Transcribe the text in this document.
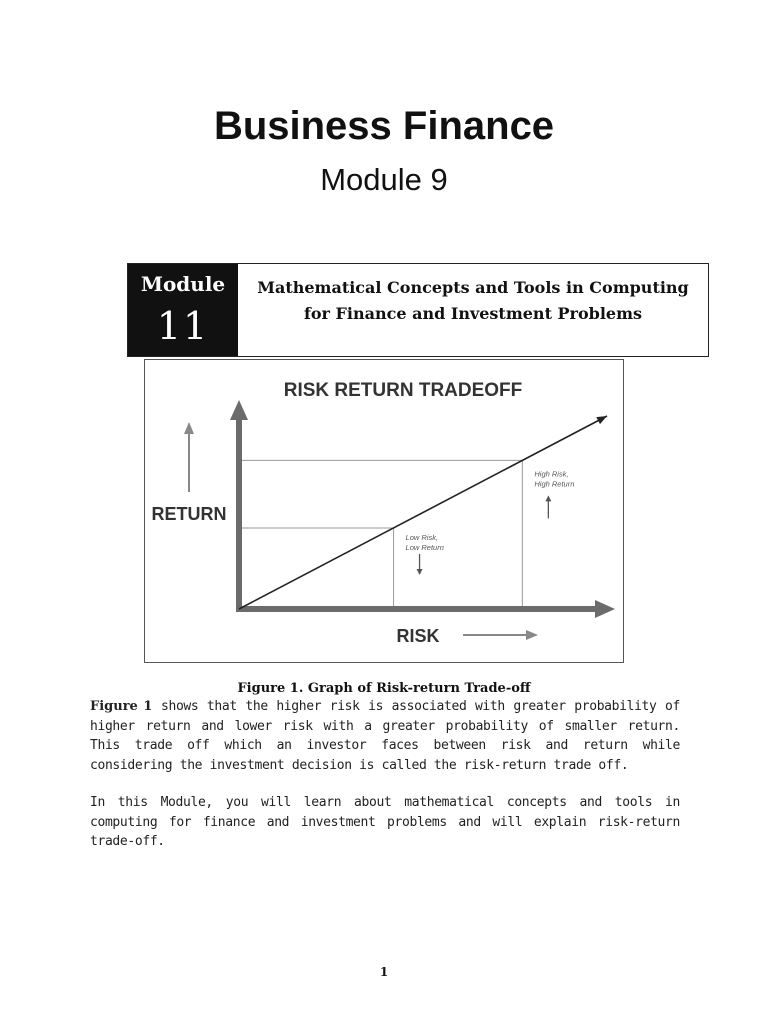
Business Finance
Module 9
Module
11
Mathematical Concepts and Tools in Computing for Finance and Investment Problems
RISK RETURN TRADEOFF
RETURN
RISK
Low Risk, Low Return
High Risk, High Return
Figure 1. Graph of Risk-return Trade-off

Figure 1 shows that the higher risk is associated with greater probability of higher return and lower risk with a greater probability of smaller return. This trade off which an investor faces between risk and return while considering the investment decision is called the risk-return trade off.

In this Module, you will learn about mathematical concepts and tools in computing for finance and investment problems and will explain risk-return trade-off.

1
